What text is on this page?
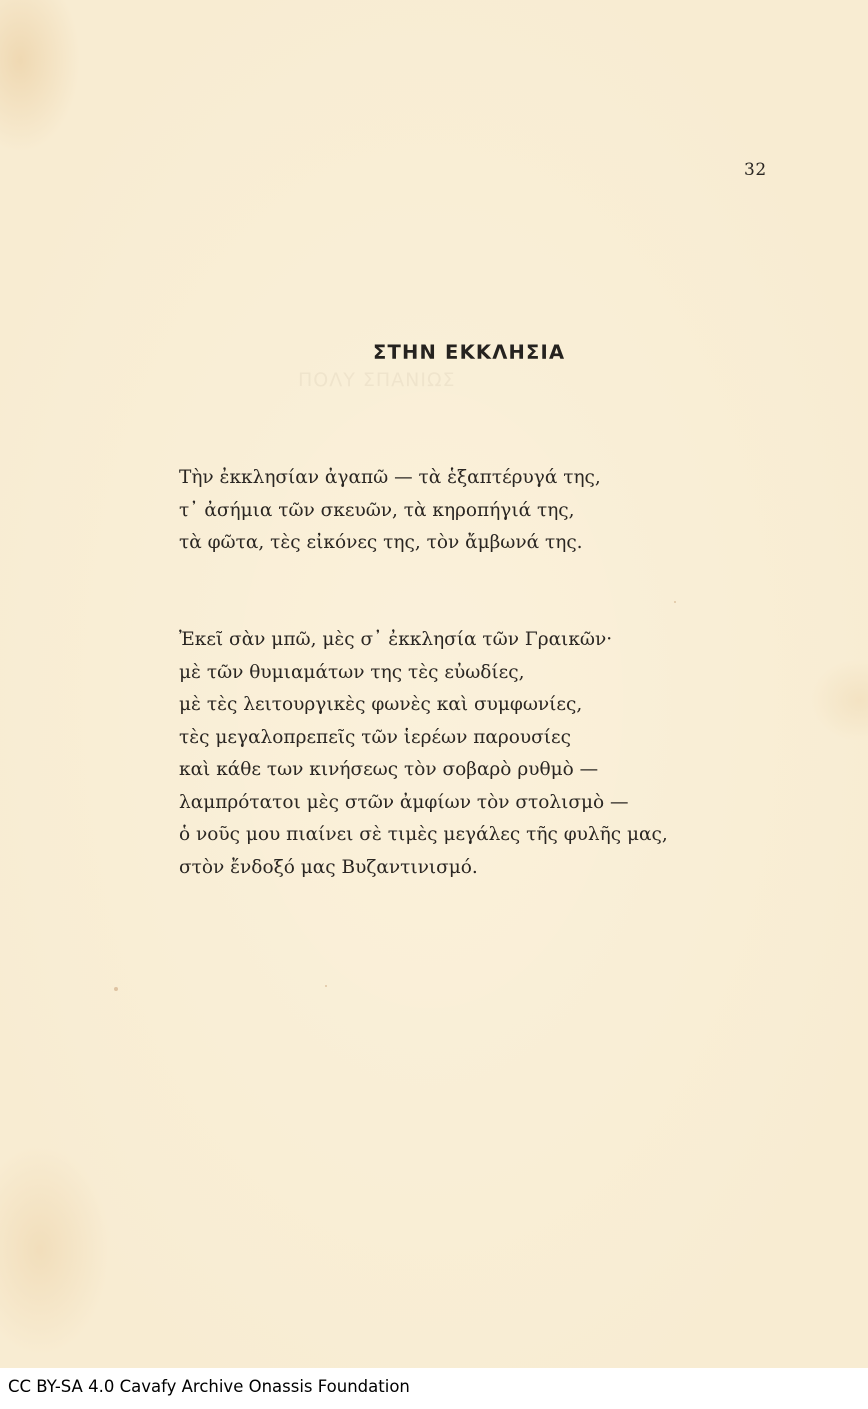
ΠΟΛΥ ΣΠΑΝΙΩΣ
32
ΣΤΗΝ ΕΚΚΛΗΣΙΑ
Τὴν ἐκκλησίαν ἀγαπῶ — τὰ ἑξαπτέρυγά της,
τ᾿ ἀσήμια τῶν σκευῶν, τὰ κηροπήγιά της,
τὰ φῶτα, τὲς εἰκόνες της, τὸν ἄμβωνά της.
Ἐκεῖ σὰν μπῶ, μὲς σ᾿ ἐκκλησία τῶν Γραικῶν·
μὲ τῶν θυμιαμάτων της τὲς εὐωδίες,
μὲ τὲς λειτουργικὲς φωνὲς καὶ συμφωνίες,
τὲς μεγαλοπρεπεῖς τῶν ἱερέων παρουσίες
καὶ κάθε των κινήσεως τὸν σοβαρὸ ρυθμὸ —
λαμπρότατοι μὲς στῶν ἀμφίων τὸν στολισμὸ —
ὁ νοῦς μου πιαίνει σὲ τιμὲς μεγάλες τῆς φυλῆς μας,
στὸν ἔνδοξό μας Βυζαντινισμό.
CC BY-SA 4.0 Cavafy Archive Onassis Foundation
